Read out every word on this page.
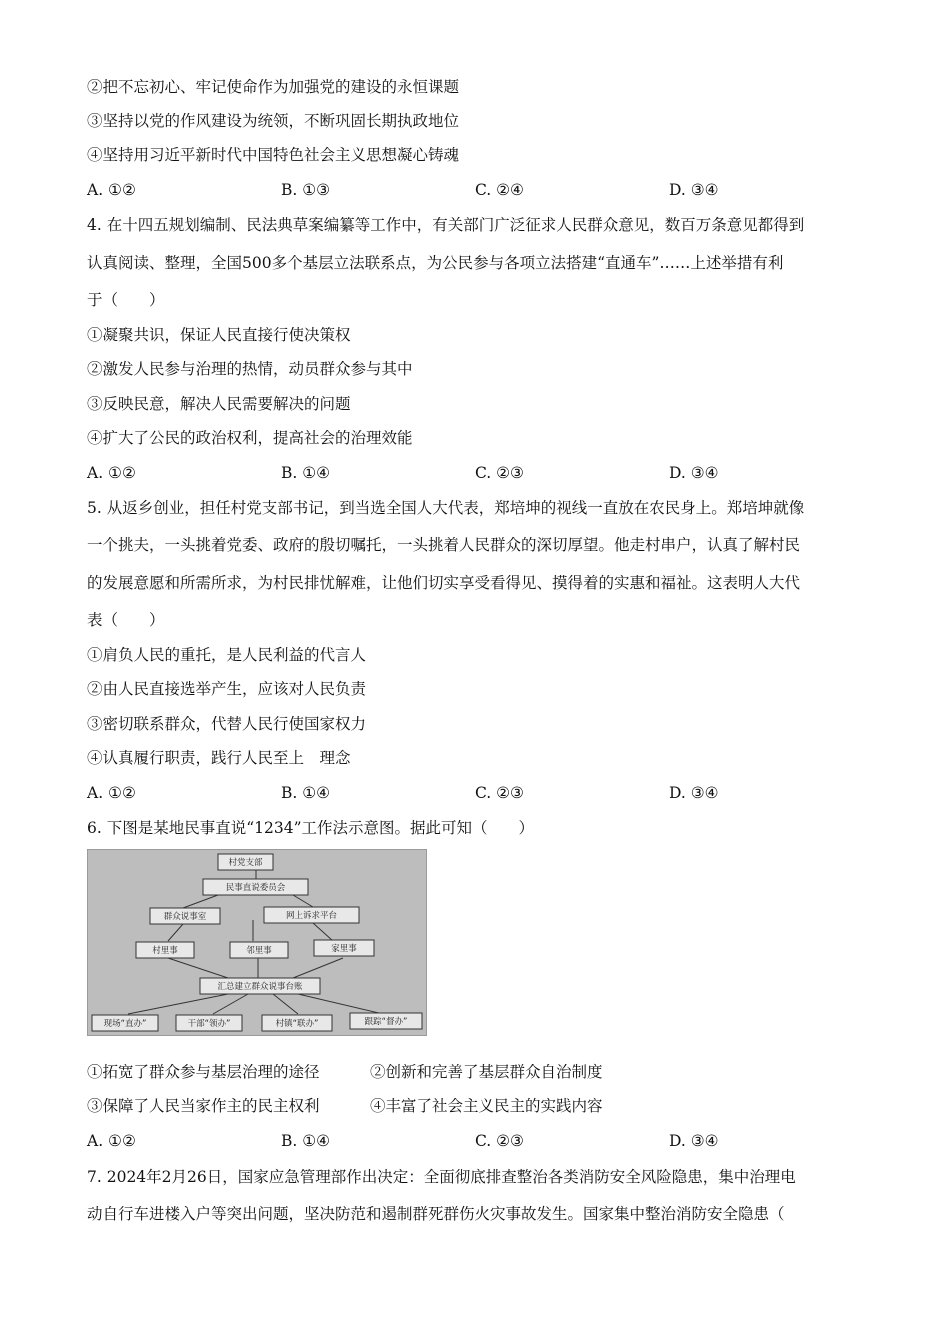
②把不忘初心、牢记使命作为加强党的建设的永恒课题
③坚持以党的作风建设为统领，不断巩固长期执政地位
④坚持用习近平新时代中国特色社会主义思想凝心铸魂
A. ①②	B. ①③	C. ②④	D. ③④
4. 在十四五规划编制、民法典草案编纂等工作中，有关部门广泛征求人民群众意见，数百万条意见都得到
认真阅读、整理，全国500多个基层立法联系点，为公民参与各项立法搭建“直通车”……上述举措有利
于（　　）
①凝聚共识，保证人民直接行使决策权
②激发人民参与治理的热情，动员群众参与其中
③反映民意，解决人民需要解决的问题
④扩大了公民的政治权利，提高社会的治理效能
A. ①②	B. ①④	C. ②③	D. ③④
5. 从返乡创业，担任村党支部书记，到当选全国人大代表，郑培坤的视线一直放在农民身上。郑培坤就像
一个挑夫，一头挑着党委、政府的殷切嘱托，一头挑着人民群众的深切厚望。他走村串户，认真了解村民
的发展意愿和所需所求，为村民排忧解难，让他们切实享受看得见、摸得着的实惠和福祉。这表明人大代
表（　　）
①肩负人民的重托，是人民利益的代言人
②由人民直接选举产生，应该对人民负责
③密切联系群众，代替人民行使国家权力
④认真履行职责，践行人民至上　理念
A. ①②	B. ①④	C. ②③	D. ③④
6. 下图是某地民事直说“1234”工作法示意图。据此可知（　　）
村党支部
民事直说委员会
群众说事室	网上诉求平台
村里事	邻里事	家里事
汇总建立群众说事台账
现场“直办”	干部“领办”	村镇“联办”	跟踪“督办”
①拓宽了群众参与基层治理的途径	②创新和完善了基层群众自治制度
③保障了人民当家作主的民主权利	④丰富了社会主义民主的实践内容
A. ①②	B. ①④	C. ②③	D. ③④
7. 2024年2月26日，国家应急管理部作出决定：全面彻底排查整治各类消防安全风险隐患，集中治理电
动自行车进楼入户等突出问题，坚决防范和遏制群死群伤火灾事故发生。国家集中整治消防安全隐患（
